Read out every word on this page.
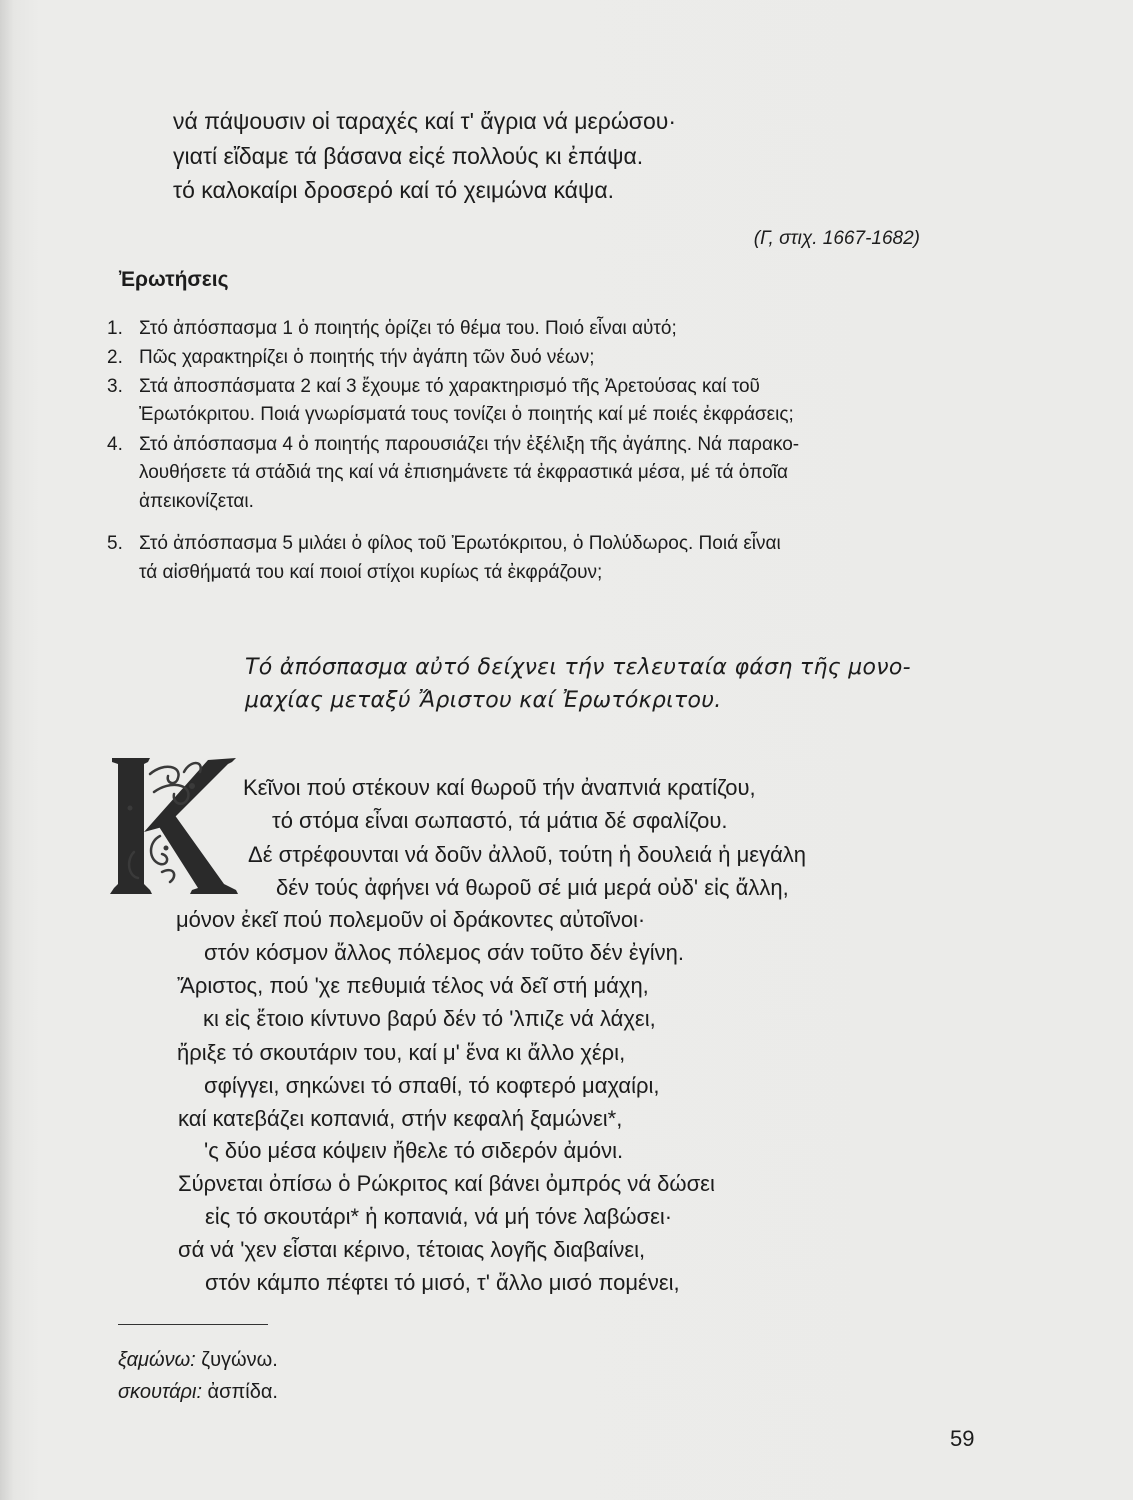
νά πάψουσιν οἱ ταραχές καί τ' ἄγρια νά μερώσου·
γιατί εἴδαμε τά βάσανα εἰςέ πολλούς κι ἐπάψα.
τό καλοκαίρι δροσερό καί τό χειμώνα κάψα.
(Γ, στιχ. 1667-1682)
Ἐρωτήσεις
1. Στό ἀπόσπασμα 1 ὁ ποιητής ὁρίζει τό θέμα του. Ποιό εἶναι αὐτό;
2. Πῶς χαρακτηρίζει ὁ ποιητής τήν ἀγάπη τῶν δυό νέων;
3. Στά ἀποσπάσματα 2 καί 3 ἔχουμε τό χαρακτηρισμό τῆς Ἀρετούσας καί τοῦ
Ἐρωτόκριτου. Ποιά γνωρίσματά τους τονίζει ὁ ποιητής καί μέ ποιές ἐκφράσεις;
4. Στό ἀπόσπασμα 4 ὁ ποιητής παρουσιάζει τήν ἐξέλιξη τῆς ἀγάπης. Νά παρακο-
λουθήσετε τά στάδιά της καί νά ἐπισημάνετε τά ἐκφραστικά μέσα, μέ τά ὁποῖα
ἀπεικονίζεται.
5. Στό ἀπόσπασμα 5 μιλάει ὁ φίλος τοῦ Ἐρωτόκριτου, ὁ Πολύδωρος. Ποιά εἶναι
τά αἰσθήματά του καί ποιοί στίχοι κυρίως τά ἐκφράζουν;
Τό ἀπόσπασμα αὐτό δείχνει τήν τελευταία φάση τῆς μονο-
μαχίας μεταξύ Ἄριστου καί Ἐρωτόκριτου.
Κεῖνοι πού στέκουν καί θωροῦ τήν ἀναπνιά κρατίζου,
τό στόμα εἶναι σωπαστό, τά μάτια δέ σφαλίζου.
Δέ στρέφουνται νά δοῦν ἀλλοῦ, τούτη ἡ δουλειά ἡ μεγάλη
δέν τούς ἀφήνει νά θωροῦ σέ μιά μερά οὐδ' εἰς ἄλλη,
μόνον ἐκεῖ πού πολεμοῦν οἱ δράκοντες αὐτοῖνοι·
στόν κόσμον ἄλλος πόλεμος σάν τοῦτο δέν ἐγίνη.
Ἄριστος, πού 'χε πεθυμιά τέλος νά δεῖ στή μάχη,
κι εἰς ἔτοιο κίντυνο βαρύ δέν τό 'λπιζε νά λάχει,
ἤριξε τό σκουτάριν του, καί μ' ἕνα κι ἄλλο χέρι,
σφίγγει, σηκώνει τό σπαθί, τό κοφτερό μαχαίρι,
καί κατεβάζει κοπανιά, στήν κεφαλή ξαμώνει*,
'ς δύο μέσα κόψειν ἤθελε τό σιδερόν ἀμόνι.
Σύρνεται ὀπίσω ὁ Ρώκριτος καί βάνει ὀμπρός νά δώσει
εἰς τό σκουτάρι* ἡ κοπανιά, νά μή τόνε λαβώσει·
σά νά 'χεν εἶσται κέρινο, τέτοιας λογῆς διαβαίνει,
στόν κάμπο πέφτει τό μισό, τ' ἄλλο μισό πομένει,
ξαμώνω: ζυγώνω.
σκουτάρι: ἀσπίδα.
59
